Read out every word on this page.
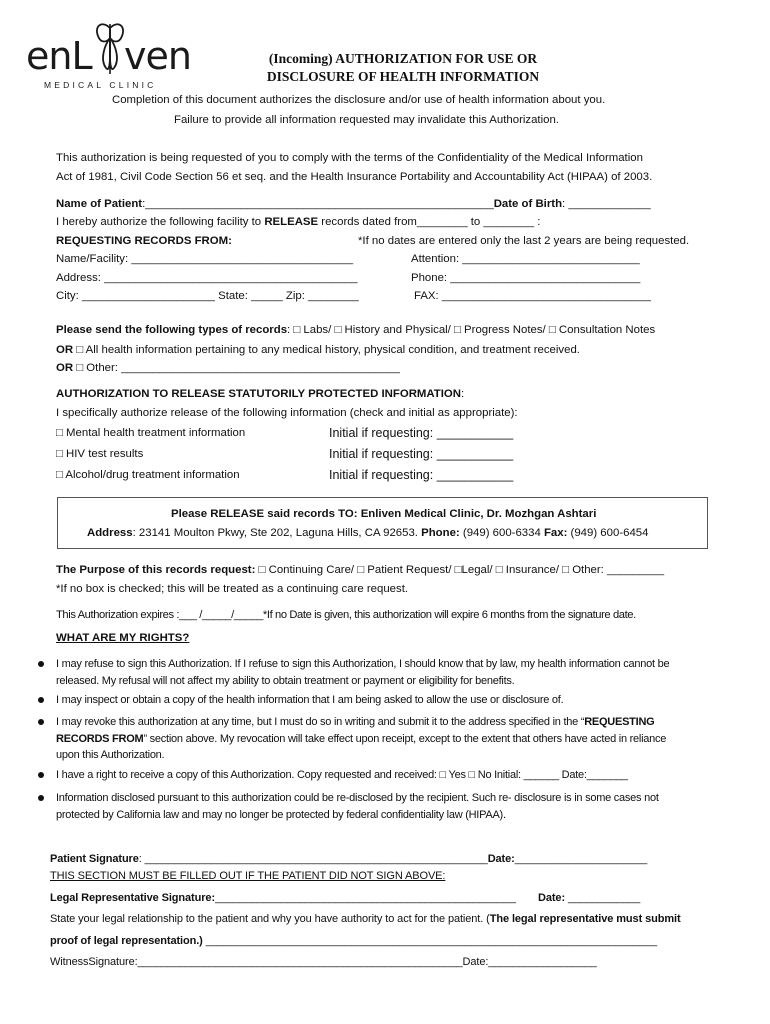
enL ven
MEDICAL CLINIC
(Incoming) AUTHORIZATION FOR USE OR
DISCLOSURE OF HEALTH INFORMATION
Completion of this document authorizes the disclosure and/or use of health information about you.
Failure to provide all information requested may invalidate this Authorization.
This authorization is being requested of you to comply with the terms of the Confidentiality of the Medical Information
Act of 1981, Civil Code Section 56 et seq. and the Health Insurance Portability and Accountability Act (HIPAA) of 2003.
Name of Patient:_______________________________________________________Date of Birth: _____________
I hereby authorize the following facility to RELEASE records dated from________ to ________ :
REQUESTING RECORDS FROM:	*If no dates are entered only the last 2 years are being requested.
Name/Facility: ___________________________________	Attention: ____________________________
Address: ________________________________________	Phone: ______________________________
City: _____________________ State: _____ Zip: ________	FAX: _________________________________
Please send the following types of records: □ Labs/ □ History and Physical/ □ Progress Notes/ □ Consultation Notes
OR □ All health information pertaining to any medical history, physical condition, and treatment received.
OR □ Other: ____________________________________________
AUTHORIZATION TO RELEASE STATUTORILY PROTECTED INFORMATION:
I specifically authorize release of the following information (check and initial as appropriate):
□ Mental health treatment information	Initial if requesting: ___________
□ HIV test results	Initial if requesting: ___________
□ Alcohol/drug treatment information	Initial if requesting: ___________
Please RELEASE said records TO: Enliven Medical Clinic, Dr. Mozhgan Ashtari
Address: 23141 Moulton Pkwy, Ste 202, Laguna Hills, CA 92653. Phone: (949) 600-6334 Fax: (949) 600-6454
The Purpose of this records request: □ Continuing Care/ □ Patient Request/ □Legal/ □ Insurance/ □ Other: _________
*If no box is checked; this will be treated as a continuing care request.
This Authorization expires :___ /_____/_____*If no Date is given, this authorization will expire 6 months from the signature date.
WHAT ARE MY RIGHTS?
I may refuse to sign this Authorization. If I refuse to sign this Authorization, I should know that by law, my health information cannot be
released. My refusal will not affect my ability to obtain treatment or payment or eligibility for benefits.
I may inspect or obtain a copy of the health information that I am being asked to allow the use or disclosure of.
I may revoke this authorization at any time, but I must do so in writing and submit it to the address specified in the “REQUESTING
RECORDS FROM” section above. My revocation will take effect upon receipt, except to the extent that others have acted in reliance
upon this Authorization.
I have a right to receive a copy of this Authorization. Copy requested and received: □ Yes □ No Initial: ______ Date:_______
Information disclosed pursuant to this authorization could be re-disclosed by the recipient. Such re- disclosure is in some cases not
protected by California law and may no longer be protected by federal confidentiality law (HIPAA).
Patient Signature: _________________________________________________________Date:______________________
THIS SECTION MUST BE FILLED OUT IF THE PATIENT DID NOT SIGN ABOVE:
Legal Representative Signature:__________________________________________________ Date: ____________
State your legal relationship to the patient and why you have authority to act for the patient. (The legal representative must submit
proof of legal representation.) ___________________________________________________________________________
WitnessSignature:______________________________________________________Date:__________________
